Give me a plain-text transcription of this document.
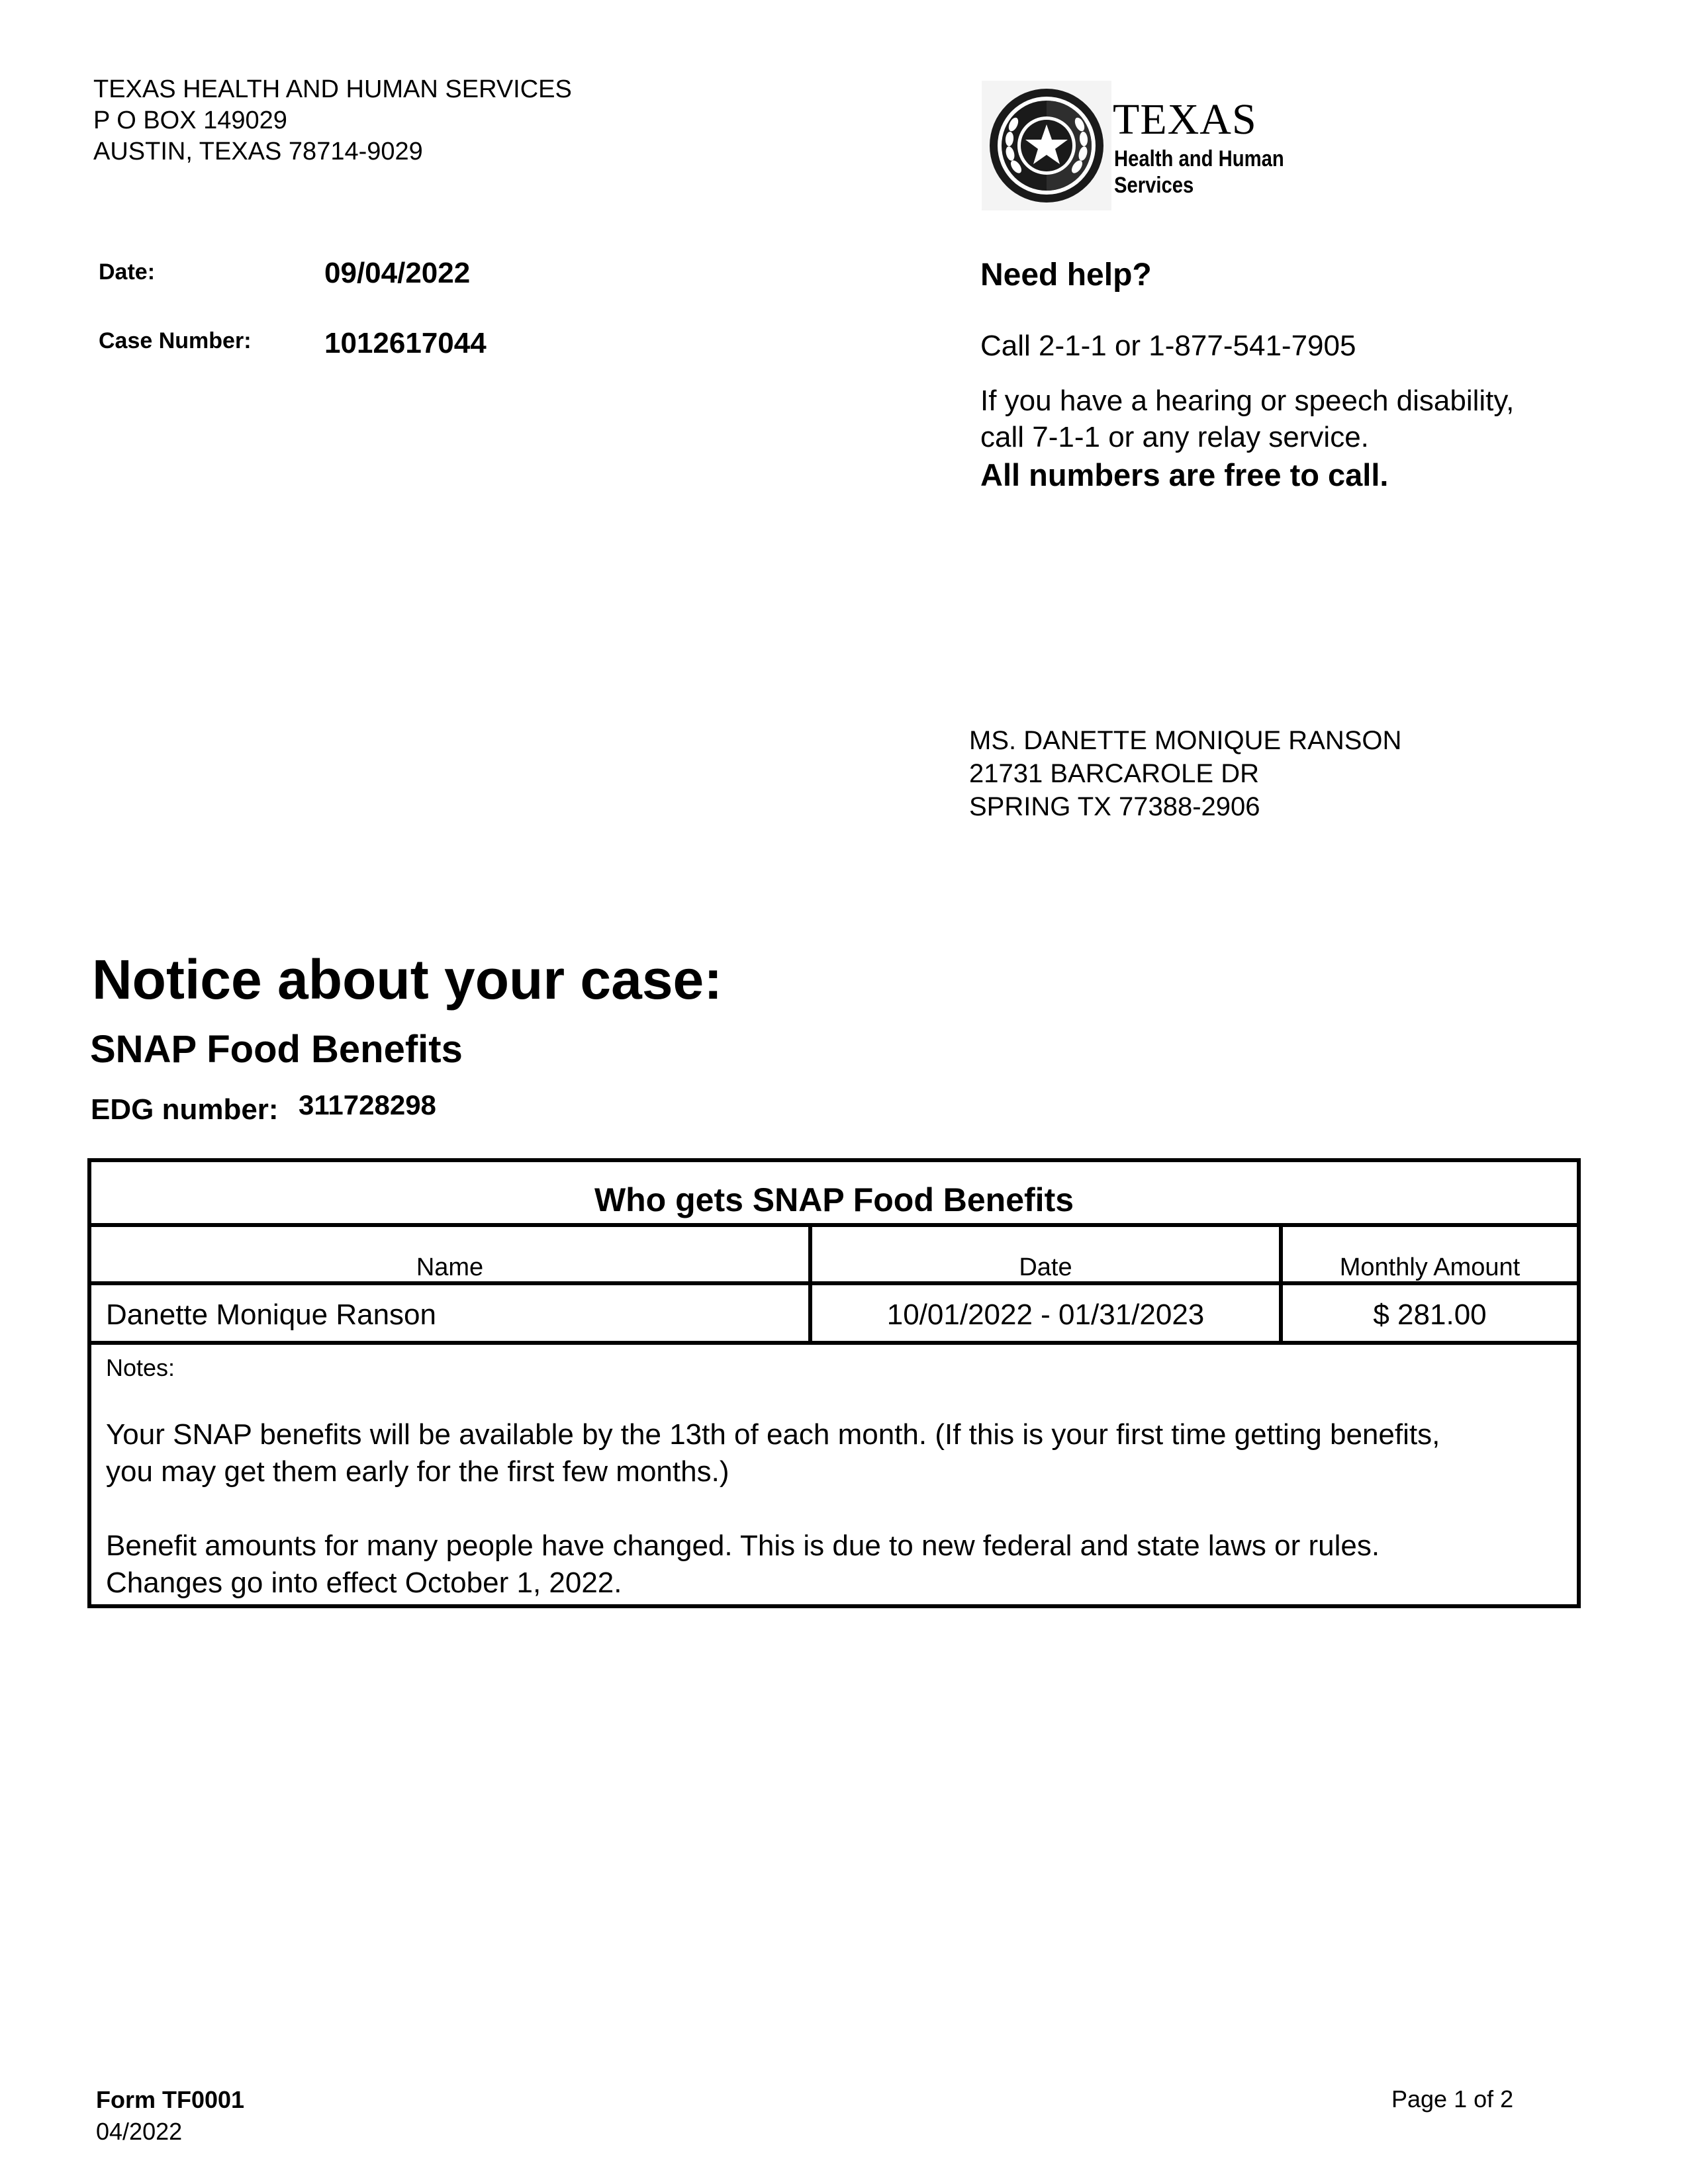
TEXAS HEALTH AND HUMAN SERVICES
P O BOX 149029
AUSTIN, TEXAS 78714-9029
TEXAS
Health and Human
Services
Date:	09/04/2022
Case Number:	1012617044
Need help?
Call 2-1-1 or 1-877-541-7905
If you have a hearing or speech disability,
call 7-1-1 or any relay service.
All numbers are free to call.
MS. DANETTE MONIQUE RANSON
21731 BARCAROLE DR
SPRING TX 77388-2906
Notice about your case:
SNAP Food Benefits
EDG number: 311728298
Who gets SNAP Food Benefits
Name	Date	Monthly Amount
Danette Monique Ranson	10/01/2022 - 01/31/2023	$ 281.00
Notes:
Your SNAP benefits will be available by the 13th of each month. (If this is your first time getting benefits,
you may get them early for the first few months.)
Benefit amounts for many people have changed. This is due to new federal and state laws or rules.
Changes go into effect October 1, 2022.
Form TF0001
04/2022
Page 1 of 2
